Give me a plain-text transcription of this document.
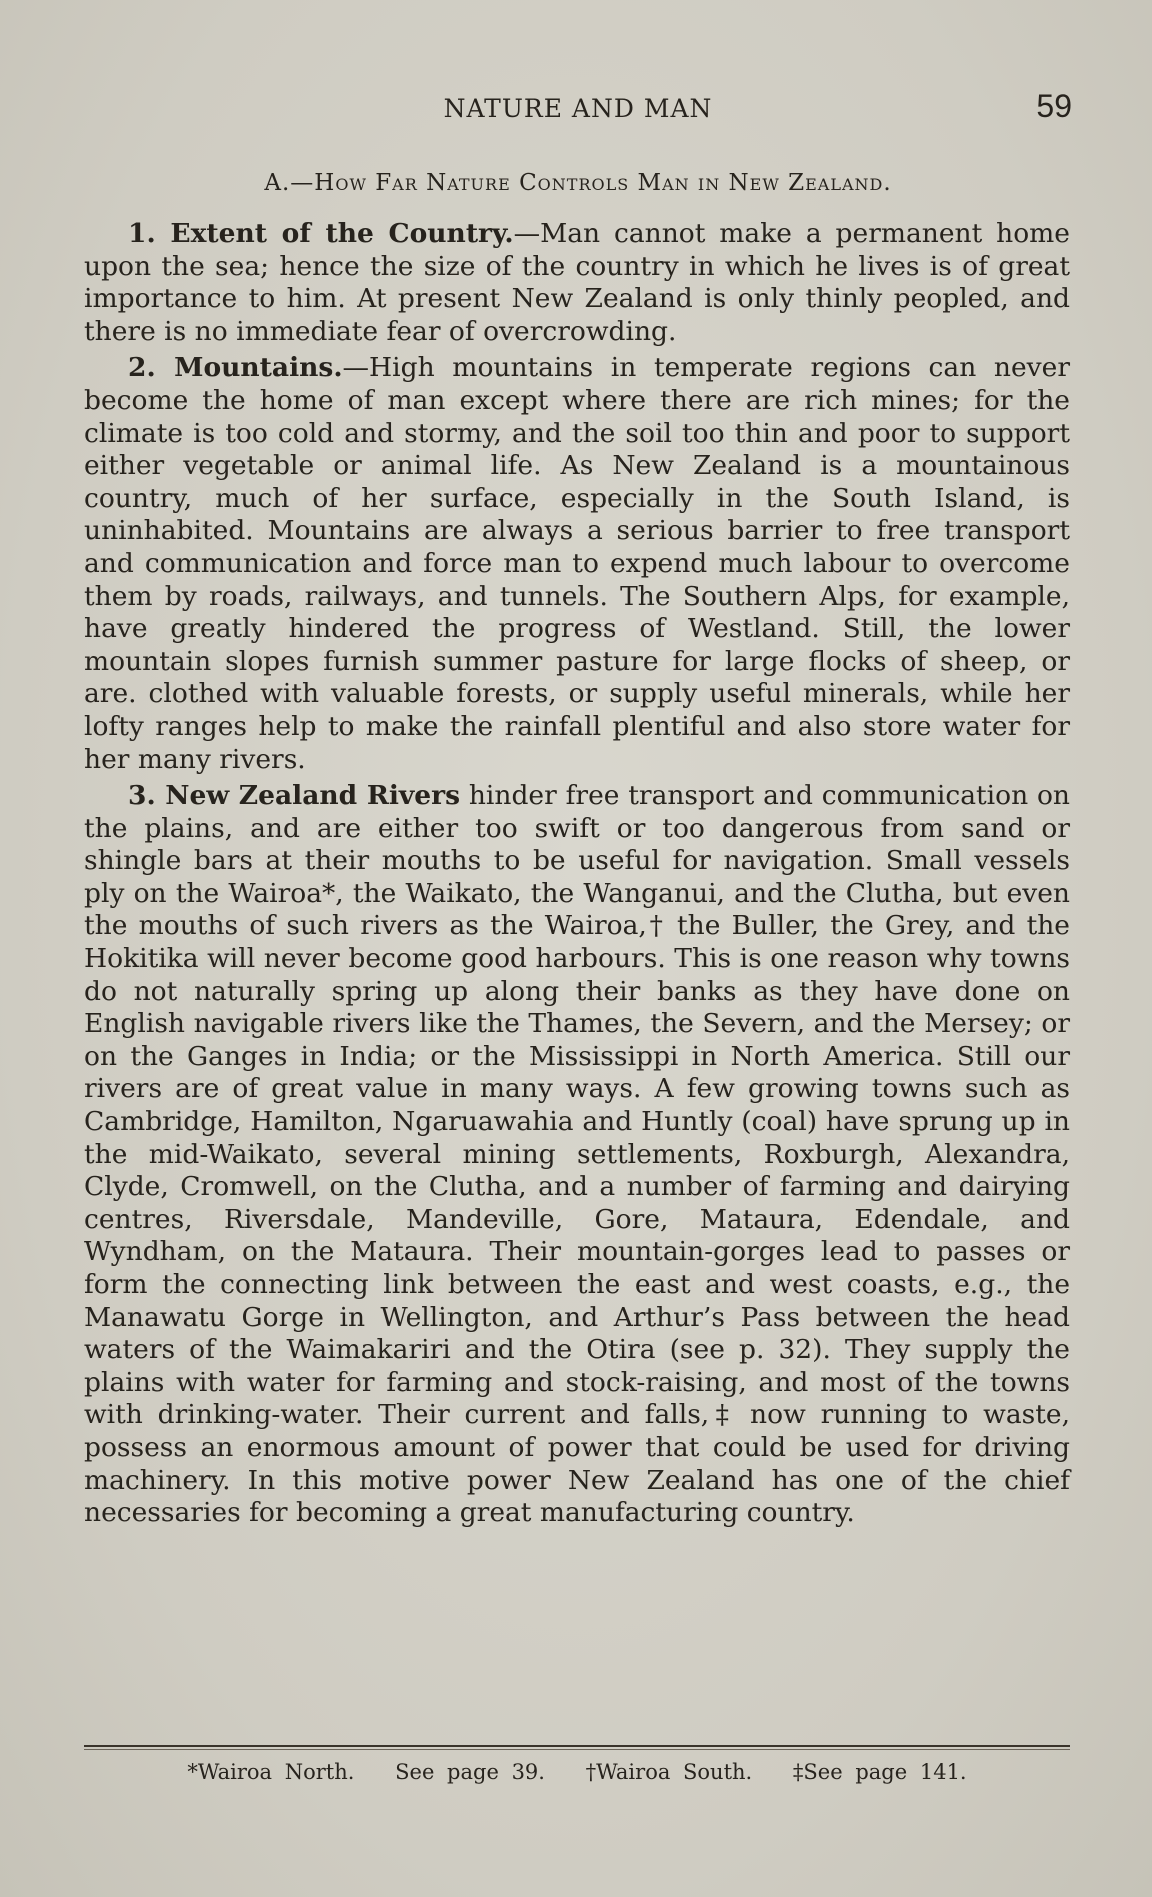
NATURE AND MAN	59
A.—How Far Nature Controls Man in New Zealand.

1. Extent of the Country.—Man cannot make a permanent home upon the sea; hence the size of the country in which he lives is of great importance to him. At present New Zealand is only thinly peopled, and there is no immediate fear of overcrowding.

2. Mountains.—High mountains in temperate regions can never become the home of man except where there are rich mines; for the climate is too cold and stormy, and the soil too thin and poor to support either vegetable or animal life. As New Zealand is a mountainous country, much of her surface, especially in the South Island, is uninhabited. Mountains are always a serious barrier to free transport and communication and force man to expend much labour to overcome them by roads, railways, and tunnels. The Southern Alps, for example, have greatly hindered the progress of Westland. Still, the lower mountain slopes furnish summer pasture for large flocks of sheep, or are. clothed with valuable forests, or supply useful minerals, while her lofty ranges help to make the rainfall plentiful and also store water for her many rivers.

3. New Zealand Rivers hinder free transport and communication on the plains, and are either too swift or too dangerous from sand or shingle bars at their mouths to be useful for navigation. Small vessels ply on the Wairoa*, the Waikato, the Wanganui, and the Clutha, but even the mouths of such rivers as the Wairoa,† the Buller, the Grey, and the Hokitika will never become good harbours. This is one reason why towns do not naturally spring up along their banks as they have done on English navigable rivers like the Thames, the Severn, and the Mersey; or on the Ganges in India; or the Mississippi in North America. Still our rivers are of great value in many ways. A few growing towns such as Cambridge, Hamilton, Ngaruawahia and Huntly (coal) have sprung up in the mid-Waikato, several mining settlements, Roxburgh, Alexandra, Clyde, Cromwell, on the Clutha, and a number of farming and dairying centres, Riversdale, Mandeville, Gore, Mataura, Edendale, and Wyndham, on the Mataura. Their mountain-gorges lead to passes or form the connecting link between the east and west coasts, e.g., the Manawatu Gorge in Wellington, and Arthur’s Pass between the head waters of the Waimakariri and the Otira (see p. 32). They supply the plains with water for farming and stock-raising, and most of the towns with drinking-water. Their current and falls,‡ now running to waste, possess an enormous amount of power that could be used for driving machinery. In this motive power New Zealand has one of the chief necessaries for becoming a great manufacturing country.

*Wairoa North. See page 39. †Wairoa South. ‡See page 141.
